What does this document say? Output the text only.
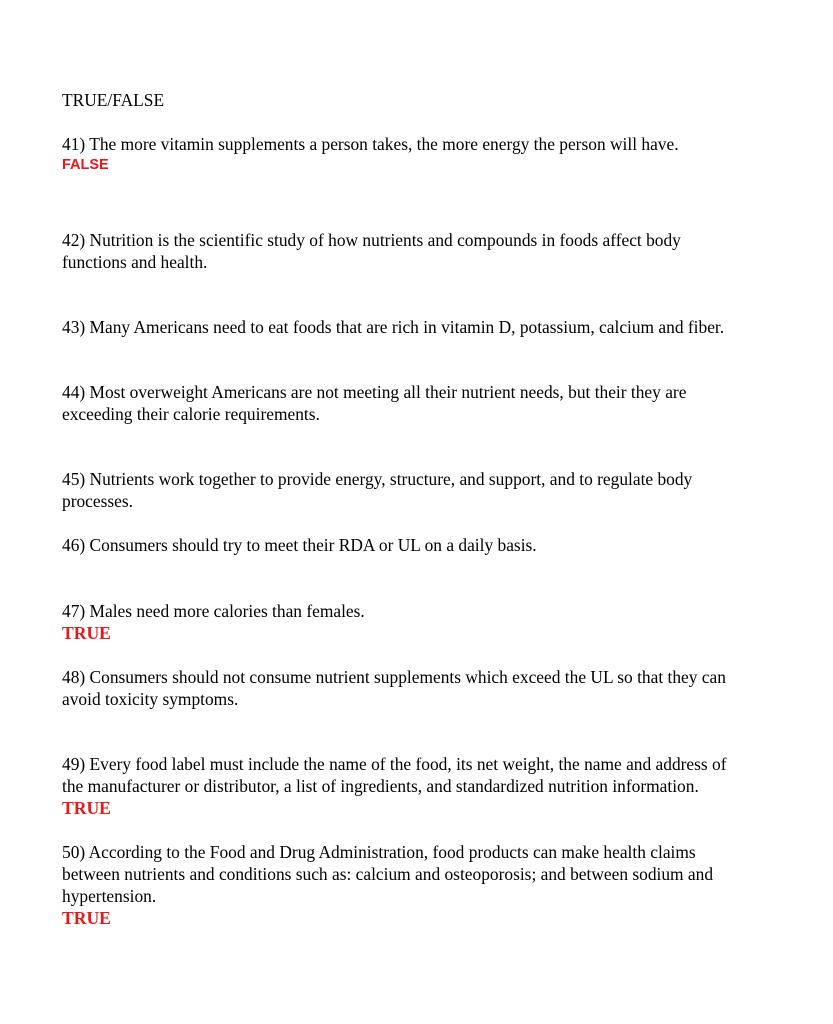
TRUE/FALSE
41) The more vitamin supplements a person takes, the more energy the person will have.
FALSE
42) Nutrition is the scientific study of how nutrients and compounds in foods affect body
functions and health.
43) Many Americans need to eat foods that are rich in vitamin D, potassium, calcium and fiber.
44) Most overweight Americans are not meeting all their nutrient needs, but their they are
exceeding their calorie requirements.
45) Nutrients work together to provide energy, structure, and support, and to regulate body
processes.
46) Consumers should try to meet their RDA or UL on a daily basis.
47) Males need more calories than females.
TRUE
48) Consumers should not consume nutrient supplements which exceed the UL so that they can
avoid toxicity symptoms.
49) Every food label must include the name of the food, its net weight, the name and address of
the manufacturer or distributor, a list of ingredients, and standardized nutrition information.
TRUE
50) According to the Food and Drug Administration, food products can make health claims
between nutrients and conditions such as: calcium and osteoporosis; and between sodium and
hypertension.
TRUE
